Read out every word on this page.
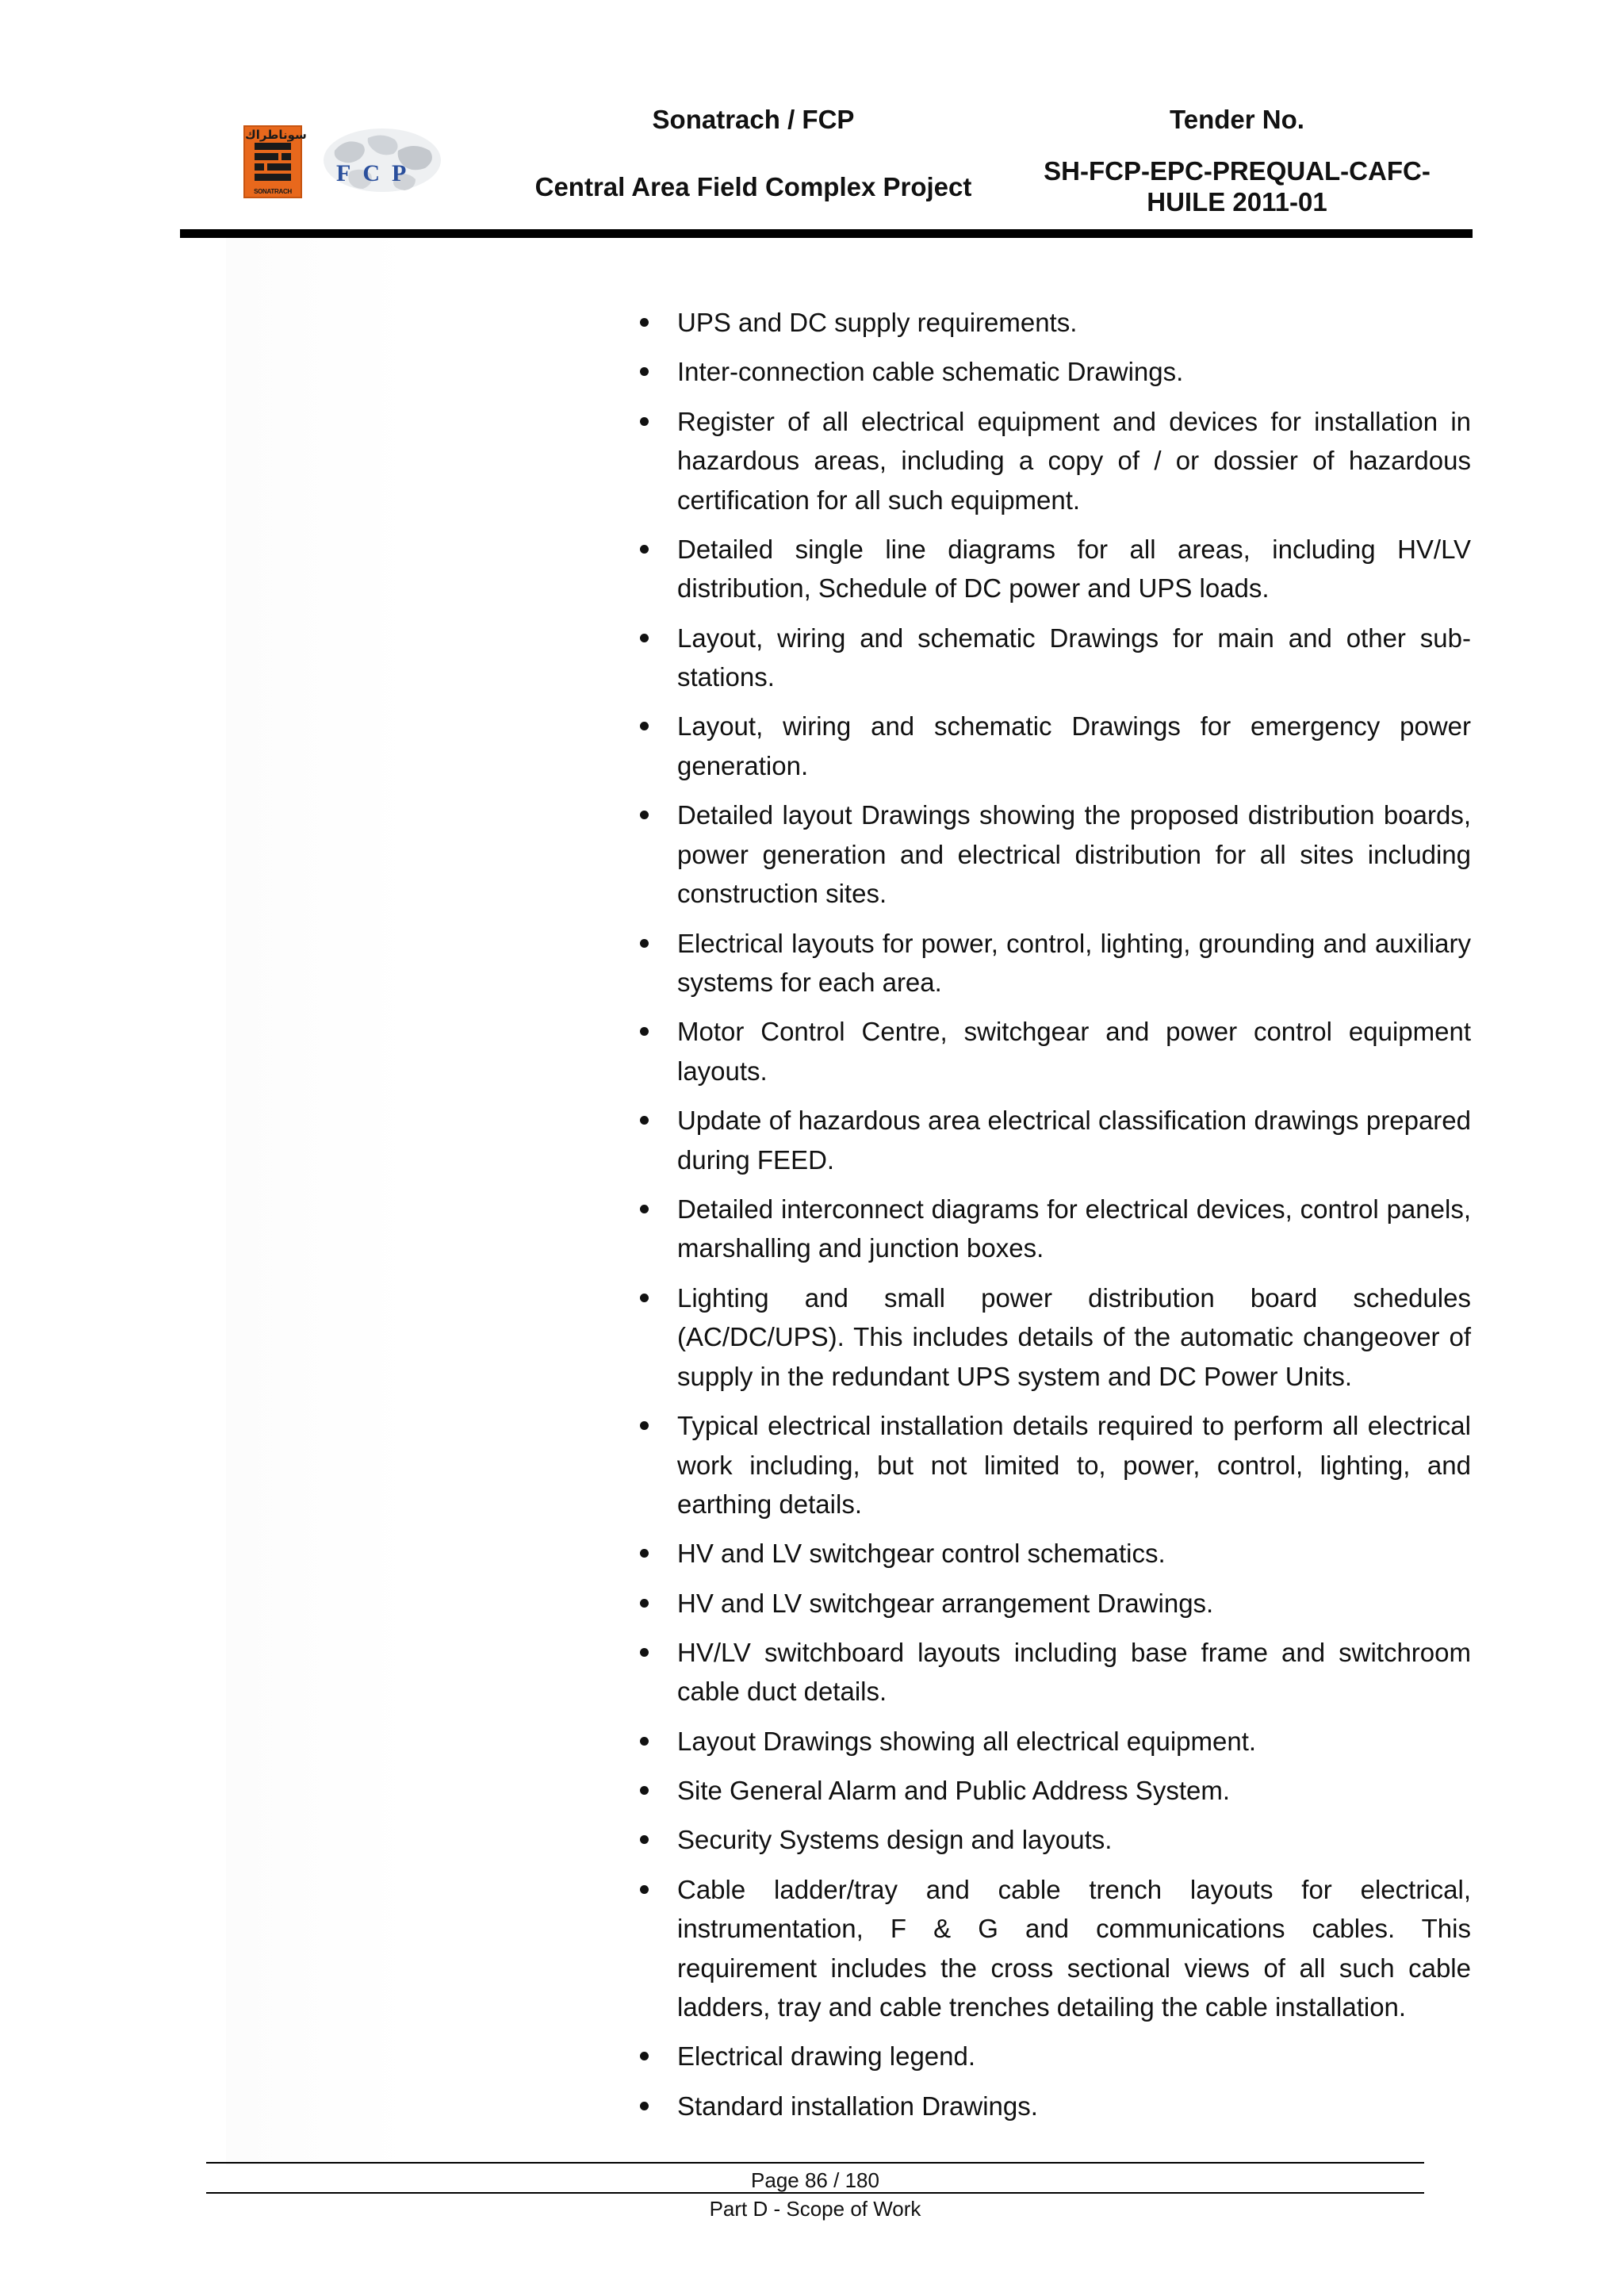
سوناطراك
SONATRACH
FCP
Sonatrach / FCP
Central Area Field Complex Project
Tender No.
SH-FCP-EPC-PREQUAL-CAFC-
HUILE 2011-01
UPS and DC supply requirements.
Inter-connection cable schematic Drawings.
Register of all electrical equipment and devices for installation in hazardous areas, including a copy of / or dossier of hazardous certification for all such equipment.
Detailed single line diagrams for all areas, including HV/LV distribution, Schedule of DC power and UPS loads.
Layout, wiring and schematic Drawings for main and other sub-stations.
Layout, wiring and schematic Drawings for emergency power generation.
Detailed layout Drawings showing the proposed distribution boards, power generation and electrical distribution for all sites including construction sites.
Electrical layouts for power, control, lighting, grounding and auxiliary systems for each area.
Motor Control Centre, switchgear and power control equipment layouts.
Update of hazardous area electrical classification drawings prepared during FEED.
Detailed interconnect diagrams for electrical devices, control panels, marshalling and junction boxes.
Lighting and small power distribution board schedules (AC/DC/UPS). This includes details of the automatic changeover of supply in the redundant UPS system and DC Power Units.
Typical electrical installation details required to perform all electrical work including, but not limited to, power, control, lighting, and earthing details.
HV and LV switchgear control schematics.
HV and LV switchgear arrangement Drawings.
HV/LV switchboard layouts including base frame and switchroom cable duct details.
Layout Drawings showing all electrical equipment.
Site General Alarm and Public Address System.
Security Systems design and layouts.
Cable ladder/tray and cable trench layouts for electrical, instrumentation, F & G and communications cables. This requirement includes the cross sectional views of all such cable ladders, tray and cable trenches detailing the cable installation.
Electrical drawing legend.
Standard installation Drawings.
Page 86 / 180
Part D - Scope of Work
